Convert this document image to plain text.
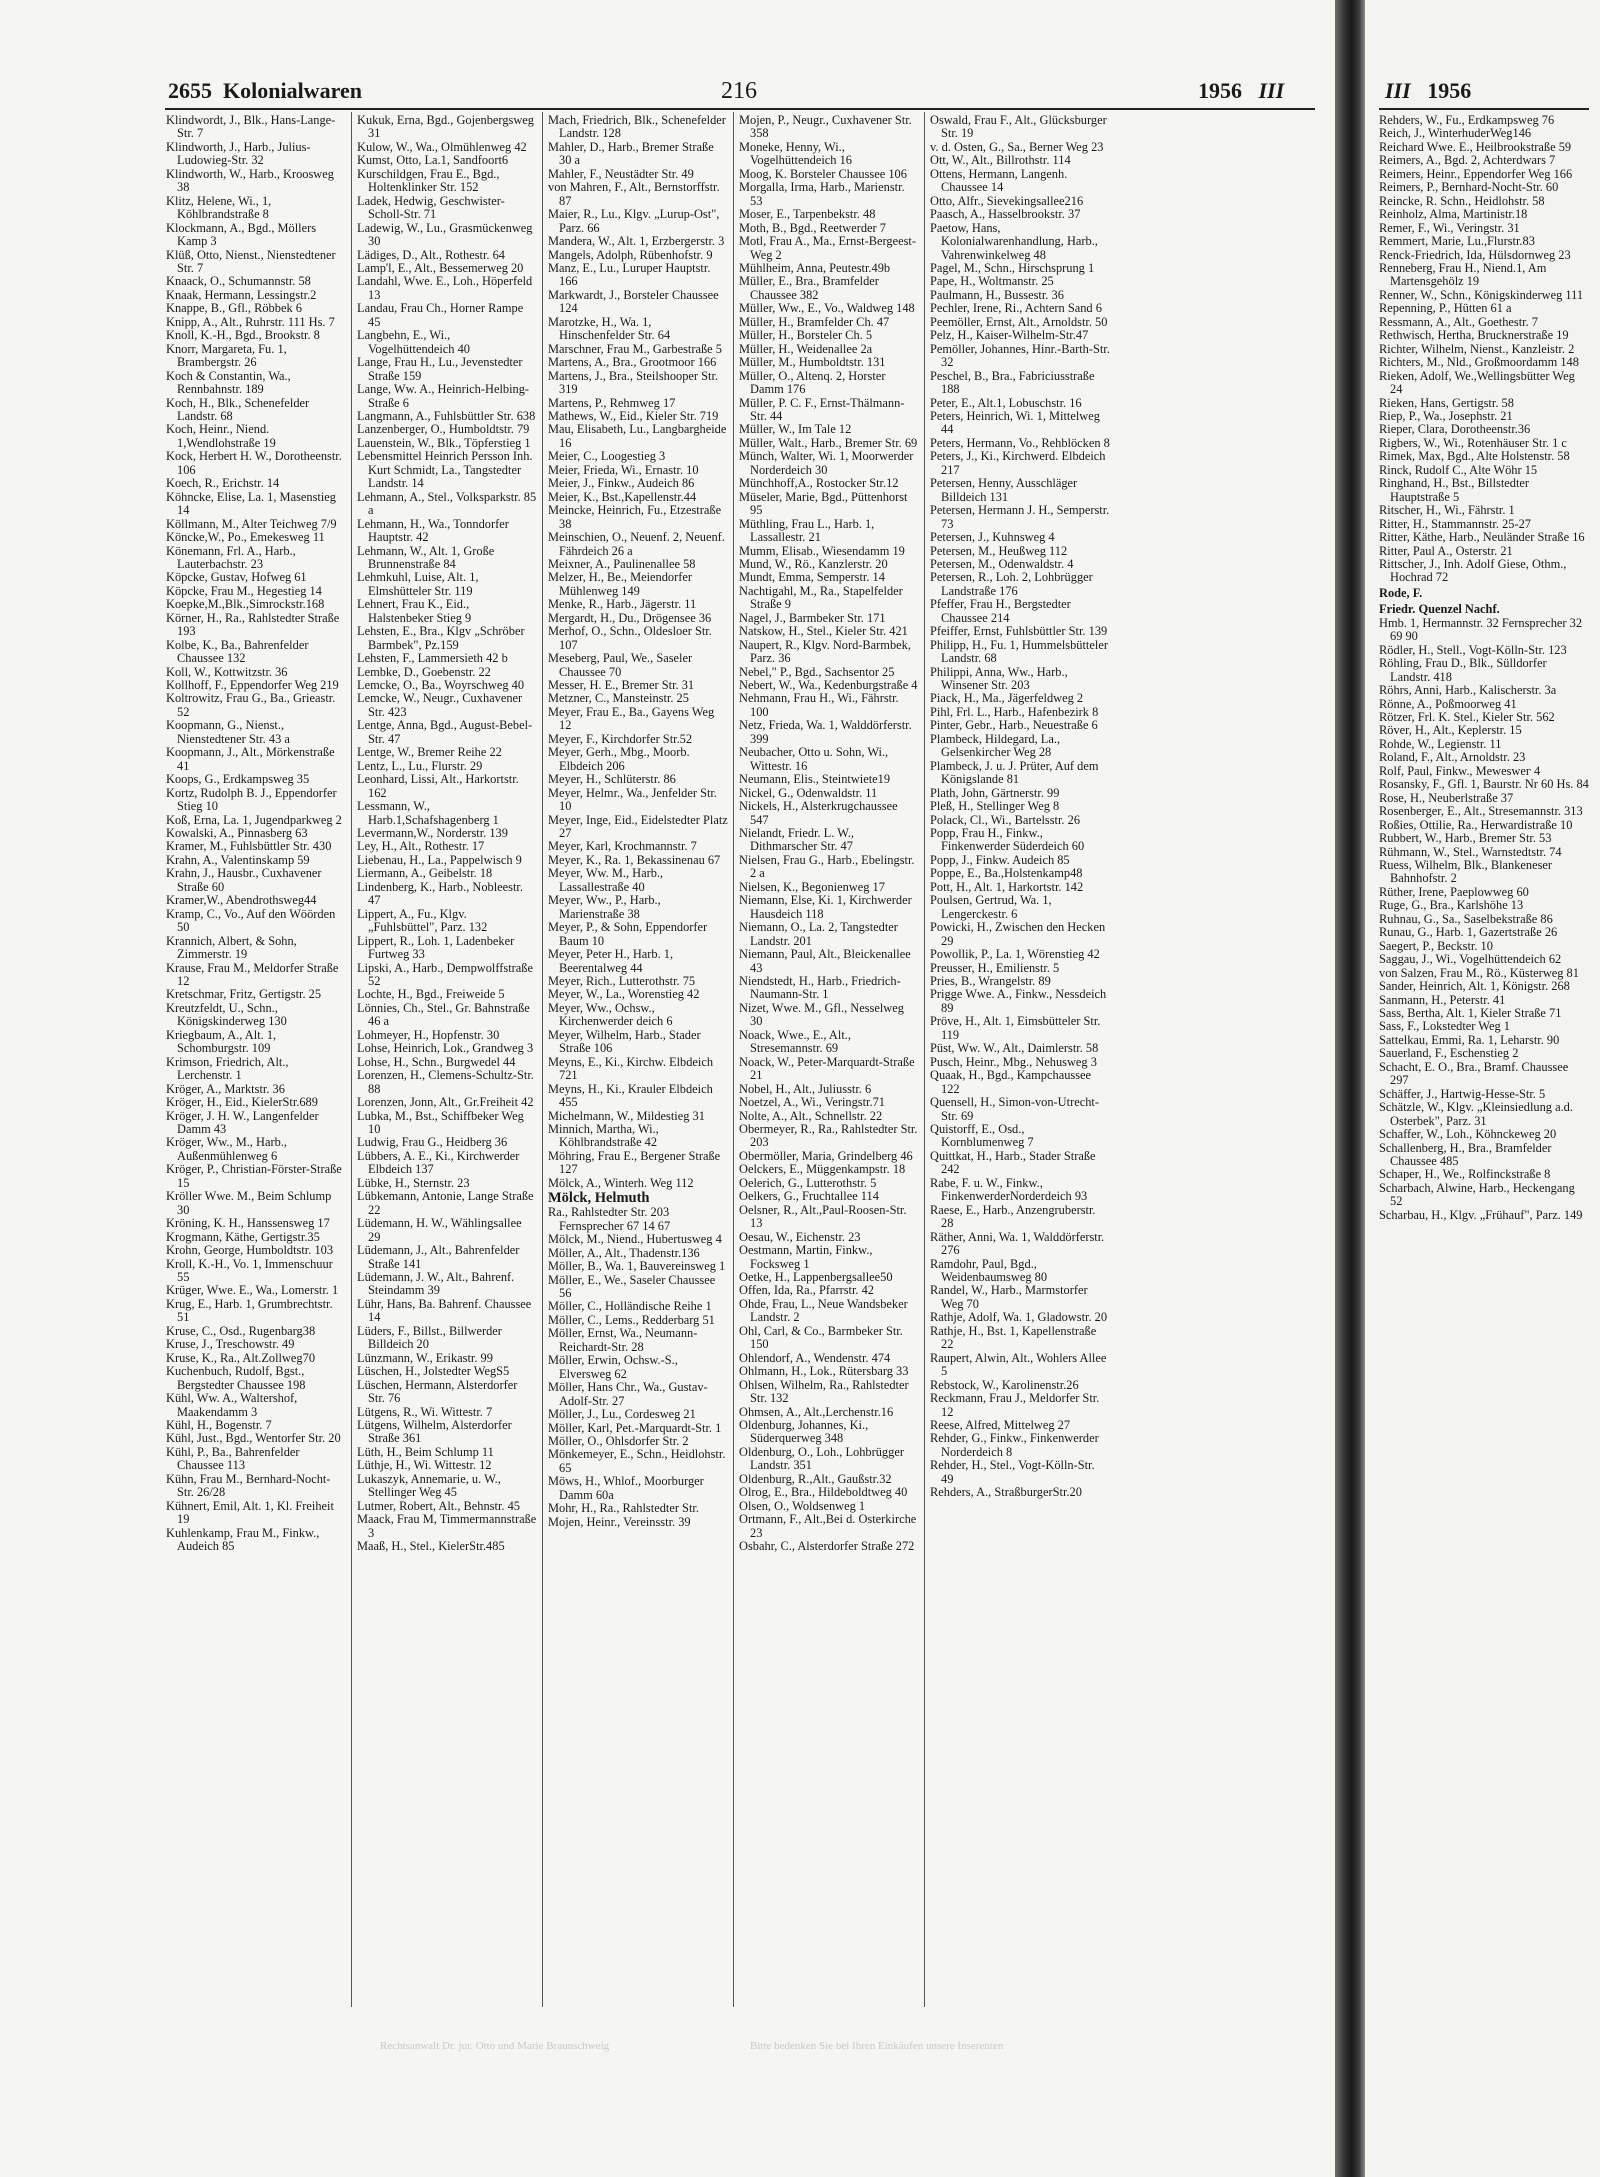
2655 Kolonialwaren	216	1956 III
Klindwordt, J., Blk., Hans-Lange-Str. 7
Klindworth, J., Harb., Julius-Ludowieg-Str. 32
Klindworth, W., Harb., Kroosweg 38
Klitz, Helene, Wi., 1, Köhlbrandstraße 8
Klockmann, A., Bgd., Möllers Kamp 3
Klüß, Otto, Nienst., Nienstedtener Str. 7
Knaack, O., Schumannstr. 58
Knaak, Hermann, Lessingstr.2
Knappe, B., Gfl., Röbbek 6
Knipp, A., Alt., Ruhrstr. 111 Hs. 7
Knoll, K.-H., Bgd., Brookstr. 8
Knorr, Margareta, Fu. 1, Brambergstr. 26
Koch & Constantin, Wa., Rennbahnstr. 189
Koch, H., Blk., Schenefelder Landstr. 68
Koch, Heinr., Niend. 1,Wendlohstraße 19
Kock, Herbert H. W., Dorotheenstr. 106
Koech, R., Erichstr. 14
Köhncke, Elise, La. 1, Masenstieg 14
Köllmann, M., Alter Teichweg 7/9
Köncke,W., Po., Emekesweg 11
Könemann, Frl. A., Harb., Lauterbachstr. 23
Köpcke, Gustav, Hofweg 61
Köpcke, Frau M., Hegestieg 14
Koepke,M.,Blk.,Simrockstr.168
Körner, H., Ra., Rahlstedter Straße 193
Kolbe, K., Ba., Bahrenfelder Chaussee 132
Koll, W., Kottwitzstr. 36
Kollhoff, F., Eppendorfer Weg 219
Koltrowitz, Frau G., Ba., Grieastr. 52
Koopmann, G., Nienst., Nienstedtener Str. 43 a
Koopmann, J., Alt., Mörkenstraße 41
Koops, G., Erdkampsweg 35
Kortz, Rudolph B. J., Eppendorfer Stieg 10
Koß, Erna, La. 1, Jugendparkweg 2
Kowalski, A., Pinnasberg 63
Kramer, M., Fuhlsbüttler Str. 430
Krahn, A., Valentinskamp 59
Krahn, J., Hausbr., Cuxhavener Straße 60
Kramer,W., Abendrothsweg44
Kramp, C., Vo., Auf den Wöörden 50
Krannich, Albert, & Sohn, Zimmerstr. 19
Krause, Frau M., Meldorfer Straße 12
Kretschmar, Fritz, Gertigstr. 25
Kreutzfeldt, U., Schn., Königskinderweg 130
Kriegbaum, A., Alt. 1, Schomburgstr. 109
Krimson, Friedrich, Alt., Lerchenstr. 1
Kröger, A., Marktstr. 36
Kröger, H., Eid., KielerStr.689
Kröger, J. H. W., Langenfelder Damm 43
Kröger, Ww., M., Harb., Außenmühlenweg 6
Kröger, P., Christian-Förster-Straße 15
Kröller Wwe. M., Beim Schlump 30
Kröning, K. H., Hanssensweg 17
Krogmann, Käthe, Gertigstr.35
Krohn, George, Humboldtstr. 103
Kroll, K.-H., Vo. 1, Immenschuur 55
Krüger, Wwe. E., Wa., Lomerstr. 1
Krug, E., Harb. 1, Grumbrechtstr. 51
Kruse, C., Osd., Rugenbarg38
Kruse, J., Treschowstr. 49
Kruse, K., Ra., Alt.Zollweg70
Kuchenbuch, Rudolf, Bgst., Bergstedter Chaussee 198
Kühl, Ww. A., Waltershof, Maakendamm 3
Kühl, H., Bogenstr. 7
Kühl, Just., Bgd., Wentorfer Str. 20
Kühl, P., Ba., Bahrenfelder Chaussee 113
Kühn, Frau M., Bernhard-Nocht-Str. 26/28
Kühnert, Emil, Alt. 1, Kl. Freiheit 19
Kuhlenkamp, Frau M., Finkw., Audeich 85
Kukuk, Erna, Bgd., Gojenbergsweg 31
Kulow, W., Wa., Olmühlenweg 42
Kumst, Otto, La.1, Sandfoort6
Kurschildgen, Frau E., Bgd., Holtenklinker Str. 152
Ladek, Hedwig, Geschwister-Scholl-Str. 71
Ladewig, W., Lu., Grasmückenweg 30
Lädiges, D., Alt., Rothestr. 64
Lamp'l, E., Alt., Bessemerweg 20
Landahl, Wwe. E., Loh., Höperfeld 13
Landau, Frau Ch., Horner Rampe 45
Langbehn, E., Wi., Vogelhüttendeich 40
Lange, Frau H., Lu., Jevenstedter Straße 159
Lange, Ww. A., Heinrich-Helbing-Straße 6
Langmann, A., Fuhlsbüttler Str. 638
Lanzenberger, O., Humboldtstr. 79
Lauenstein, W., Blk., Töpferstieg 1
Lebensmittel Heinrich Persson Inh. Kurt Schmidt, La., Tangstedter Landstr. 14
Lehmann, A., Stel., Volksparkstr. 85 a
Lehmann, H., Wa., Tonndorfer Hauptstr. 42
Lehmann, W., Alt. 1, Große Brunnenstraße 84
Lehmkuhl, Luise, Alt. 1, Elmshütteler Str. 119
Lehnert, Frau K., Eid., Halstenbeker Stieg 9
Lehsten, E., Bra., Klgv „Schröber Barmbek", Pz.159
Lehsten, F., Lammersieth 42 b
Lembke, D., Goebenstr. 22
Lemcke, O., Ba., Woyrschweg 40
Lemcke, W., Neugr., Cuxhavener Str. 423
Lentge, Anna, Bgd., August-Bebel-Str. 47
Lentge, W., Bremer Reihe 22
Lentz, L., Lu., Flurstr. 29
Leonhard, Lissi, Alt., Harkortstr. 162
Lessmann, W., Harb.1,Schafshagenberg 1
Levermann,W., Norderstr. 139
Ley, H., Alt., Rothestr. 17
Liebenau, H., La., Pappelwisch 9
Liermann, A., Geibelstr. 18
Lindenberg, K., Harb., Nobleestr. 47
Lippert, A., Fu., Klgv. „Fuhlsbüttel", Parz. 132
Lippert, R., Loh. 1, Ladenbeker Furtweg 33
Lipski, A., Harb., Dempwolffstraße 52
Lochte, H., Bgd., Freiweide 5
Lönnies, Ch., Stel., Gr. Bahnstraße 46 a
Lohmeyer, H., Hopfenstr. 30
Lohse, Heinrich, Lok., Grandweg 3
Lohse, H., Schn., Burgwedel 44
Lorenzen, H., Clemens-Schultz-Str. 88
Lorenzen, Jonn, Alt., Gr.Freiheit 42
Lubka, M., Bst., Schiffbeker Weg 10
Ludwig, Frau G., Heidberg 36
Lübbers, A. E., Ki., Kirchwerder Elbdeich 137
Lübke, H., Sternstr. 23
Lübkemann, Antonie, Lange Straße 22
Lüdemann, H. W., Wählingsallee 29
Lüdemann, J., Alt., Bahrenfelder Straße 141
Lüdemann, J. W., Alt., Bahrenf. Steindamm 39
Lühr, Hans, Ba. Bahrenf. Chaussee 14
Lüders, F., Billst., Billwerder Billdeich 20
Lünzmann, W., Erikastr. 99
Lüschen, H., Jolstedter WegS5
Lüschen, Hermann, Alsterdorfer Str. 76
Lütgens, R., Wi. Wittestr. 7
Lütgens, Wilhelm, Alsterdorfer Straße 361
Lüth, H., Beim Schlump 11
Lüthje, H., Wi. Wittestr. 12
Lukaszyk, Annemarie, u. W., Stellinger Weg 45
Lutmer, Robert, Alt., Behnstr. 45
Maack, Frau M, Timmermannstraße 3
Maaß, H., Stel., KielerStr.485
Mach, Friedrich, Blk., Schenefelder Landstr. 128
Mahler, D., Harb., Bremer Straße 30 a
Mahler, F., Neustädter Str. 49
von Mahren, F., Alt., Bernstorffstr. 87
Maier, R., Lu., Klgv. „Lurup-Ost", Parz. 66
Mandera, W., Alt. 1, Erzbergerstr. 3
Mangels, Adolph, Rübenhofstr. 9
Manz, E., Lu., Luruper Hauptstr. 166
Markwardt, J., Borsteler Chaussee 124
Marotzke, H., Wa. 1, Hinschenfelder Str. 64
Marschner, Frau M., Garbestraße 5
Martens, A., Bra., Grootmoor 166
Martens, J., Bra., Steilshooper Str. 319
Martens, P., Rehmweg 17
Mathews, W., Eid., Kieler Str. 719
Mau, Elisabeth, Lu., Langbargheide 16
Meier, C., Loogestieg 3
Meier, Frieda, Wi., Ernastr. 10
Meier, J., Finkw., Audeich 86
Meier, K., Bst.,Kapellenstr.44
Meincke, Heinrich, Fu., Etzestraße 38
Meinschien, O., Neuenf. 2, Neuenf. Fährdeich 26 a
Meixner, A., Paulinenallee 58
Melzer, H., Be., Meiendorfer Mühlenweg 149
Menke, R., Harb., Jägerstr. 11
Mergardt, H., Du., Drögensee 36
Merhof, O., Schn., Oldesloer Str. 107
Meseberg, Paul, We., Saseler Chaussee 70
Messer, H. E., Bremer Str. 31
Metzner, C., Mansteinstr. 25
Meyer, Frau E., Ba., Gayens Weg 12
Meyer, F., Kirchdorfer Str.52
Meyer, Gerh., Mbg., Moorb. Elbdeich 206
Meyer, H., Schlüterstr. 86
Meyer, Helmr., Wa., Jenfelder Str. 10
Meyer, Inge, Eid., Eidelstedter Platz 27
Meyer, Karl, Krochmannstr. 7
Meyer, K., Ra. 1, Bekassinenau 67
Meyer, Ww. M., Harb., Lassallestraße 40
Meyer, Ww., P., Harb., Marienstraße 38
Meyer, P., & Sohn, Eppendorfer Baum 10
Meyer, Peter H., Harb. 1, Beerentalweg 44
Meyer, Rich., Lutterothstr. 75
Meyer, W., La., Worenstieg 42
Meyer, Ww., Ochsw., Kirchenwerder deich 6
Meyer, Wilhelm, Harb., Stader Straße 106
Meyns, E., Ki., Kirchw. Elbdeich 721
Meyns, H., Ki., Krauler Elbdeich 455
Michelmann, W., Mildestieg 31
Minnich, Martha, Wi., Köhlbrandstraße 42
Möhring, Frau E., Bergener Straße 127
Mölck, A., Winterh. Weg 112
Mölck, Helmuth
Ra., Rahlstedter Str. 203 Fernsprecher 67 14 67
Mölck, M., Niend., Hubertusweg 4
Möller, A., Alt., Thadenstr.136
Möller, B., Wa. 1, Bauvereinsweg 1
Möller, E., We., Saseler Chaussee 56
Möller, C., Holländische Reihe 1
Möller, C., Lems., Redderbarg 51
Möller, Ernst, Wa., Neumann-Reichardt-Str. 28
Möller, Erwin, Ochsw.-S., Elversweg 62
Möller, Hans Chr., Wa., Gustav-Adolf-Str. 27
Möller, J., Lu., Cordesweg 21
Möller, Karl, Pet.-Marquardt-Str. 1
Möller, O., Ohlsdorfer Str. 2
Mönkemeyer, E., Schn., Heidlohstr. 65
Möws, H., Whlof., Moorburger Damm 60a
Mohr, H., Ra., Rahlstedter Str.
Mojen, Heinr., Vereinsstr. 39
Mojen, P., Neugr., Cuxhavener Str. 358
Moneke, Henny, Wi., Vogelhüttendeich 16
Moog, K. Borsteler Chaussee 106
Morgalla, Irma, Harb., Marienstr. 53
Moser, E., Tarpenbekstr. 48
Moth, B., Bgd., Reetwerder 7
Motl, Frau A., Ma., Ernst-Bergeest-Weg 2
Mühlheim, Anna, Peutestr.49b
Müller, E., Bra., Bramfelder Chaussee 382
Müller, Ww., E., Vo., Waldweg 148
Müller, H., Bramfelder Ch. 47
Müller, H., Borsteler Ch. 5
Müller, H., Weidenallee 2a
Müller, M., Humboldtstr. 131
Müller, O., Altenq. 2, Horster Damm 176
Müller, P. C. F., Ernst-Thälmann-Str. 44
Müller, W., Im Tale 12
Müller, Walt., Harb., Bremer Str. 69
Münch, Walter, Wi. 1, Moorwerder Norderdeich 30
Münchhoff,A., Rostocker Str.12
Müseler, Marie, Bgd., Püttenhorst 95
Müthling, Frau L., Harb. 1, Lassallestr. 21
Mumm, Elisab., Wiesendamm 19
Mund, W., Rö., Kanzlerstr. 20
Mundt, Emma, Semperstr. 14
Nachtigahl, M., Ra., Stapelfelder Straße 9
Nagel, J., Barmbeker Str. 171
Natskow, H., Stel., Kieler Str. 421
Naupert, R., Klgv. Nord-Barmbek, Parz. 36
Nebel," P., Bgd., Sachsentor 25
Nebert, W., Wa., Kedenburgstraße 4
Nehmann, Frau H., Wi., Fährstr. 100
Netz, Frieda, Wa. 1, Walddörferstr. 399
Neubacher, Otto u. Sohn, Wi., Wittestr. 16
Neumann, Elis., Steintwiete19
Nickel, G., Odenwaldstr. 11
Nickels, H., Alsterkrugchaussee 547
Nielandt, Friedr. L. W., Dithmarscher Str. 47
Nielsen, Frau G., Harb., Ebelingstr. 2 a
Nielsen, K., Begonienweg 17
Niemann, Else, Ki. 1, Kirchwerder Hausdeich 118
Niemann, O., La. 2, Tangstedter Landstr. 201
Niemann, Paul, Alt., Bleickenallee 43
Niendstedt, H., Harb., Friedrich-Naumann-Str. 1
Nizet, Wwe. M., Gfl., Nesselweg 30
Noack, Wwe., E., Alt., Stresemannstr. 69
Noack, W., Peter-Marquardt-Straße 21
Nobel, H., Alt., Juliusstr. 6
Noetzel, A., Wi., Veringstr.71
Nolte, A., Alt., Schnellstr. 22
Obermeyer, R., Ra., Rahlstedter Str. 203
Obermöller, Maria, Grindelberg 46
Oelckers, E., Müggenkampstr. 18
Oelerich, G., Lutterothstr. 5
Oelkers, G., Fruchtallee 114
Oelsner, R., Alt.,Paul-Roosen-Str. 13
Oesau, W., Eichenstr. 23
Oestmann, Martin, Finkw., Focksweg 1
Oetke, H., Lappenbergsallee50
Offen, Ida, Ra., Pfarrstr. 42
Ohde, Frau, L., Neue Wandsbeker Landstr. 2
Ohl, Carl, & Co., Barmbeker Str. 150
Ohlendorf, A., Wendenstr. 474
Ohlmann, H., Lok., Rütersbarg 33
Ohlsen, Wilhelm, Ra., Rahlstedter Str. 132
Ohmsen, A., Alt.,Lerchenstr.16
Oldenburg, Johannes, Ki., Süderquerweg 348
Oldenburg, O., Loh., Lohbrügger Landstr. 351
Oldenburg, R.,Alt., Gaußstr.32
Olrog, E., Bra., Hildeboldtweg 40
Olsen, O., Woldsenweg 1
Ortmann, F., Alt.,Bei d. Osterkirche 23
Osbahr, C., Alsterdorfer Straße 272
Oswald, Frau F., Alt., Glücksburger Str. 19
v. d. Osten, G., Sa., Berner Weg 23
Ott, W., Alt., Billrothstr. 114
Ottens, Hermann, Langenh. Chaussee 14
Otto, Alfr., Sievekingsallee216
Paasch, A., Hasselbrookstr. 37
Paetow, Hans, Kolonialwarenhandlung, Harb., Vahrenwinkelweg 48
Pagel, M., Schn., Hirschsprung 1
Pape, H., Woltmanstr. 25
Paulmann, H., Bussestr. 36
Pechler, Irene, Ri., Achtern Sand 6
Peemöller, Ernst, Alt., Arnoldstr. 50
Pelz, H., Kaiser-Wilhelm-Str.47
Pemöller, Johannes, Hinr.-Barth-Str. 32
Peschel, B., Bra., Fabriciusstraße 188
Peter, E., Alt.1, Lobuschstr. 16
Peters, Heinrich, Wi. 1, Mittelweg 44
Peters, Hermann, Vo., Rehblöcken 8
Peters, J., Ki., Kirchwerd. Elbdeich 217
Petersen, Henny, Ausschläger Billdeich 131
Petersen, Hermann J. H., Semperstr. 73
Petersen, J., Kuhnsweg 4
Petersen, M., Heußweg 112
Petersen, M., Odenwaldstr. 4
Petersen, R., Loh. 2, Lohbrügger Landstraße 176
Pfeffer, Frau H., Bergstedter Chaussee 214
Pfeiffer, Ernst, Fuhlsbüttler Str. 139
Philipp, H., Fu. 1, Hummelsbütteler Landstr. 68
Philippi, Anna, Ww., Harb., Winsener Str. 203
Piack, H., Ma., Jägerfeldweg 2
Pihl, Frl. L., Harb., Hafenbezirk 8
Pinter, Gebr., Harb., Neuestraße 6
Plambeck, Hildegard, La., Gelsenkircher Weg 28
Plambeck, J. u. J. Prüter, Auf dem Königslande 81
Plath, John, Gärtnerstr. 99
Pleß, H., Stellinger Weg 8
Polack, Cl., Wi., Bartelsstr. 26
Popp, Frau H., Finkw., Finkenwerder Süderdeich 60
Popp, J., Finkw. Audeich 85
Poppe, E., Ba.,Holstenkamp48
Pott, H., Alt. 1, Harkortstr. 142
Poulsen, Gertrud, Wa. 1, Lengerckestr. 6
Powicki, H., Zwischen den Hecken 29
Powollik, P., La. 1, Wörenstieg 42
Preusser, H., Emilienstr. 5
Pries, B., Wrangelstr. 89
Prigge Wwe. A., Finkw., Nessdeich 89
Pröve, H., Alt. 1, Eimsbütteler Str. 119
Püst, Ww. W., Alt., Daimlerstr. 58
Pusch, Heinr., Mbg., Nehusweg 3
Quaak, H., Bgd., Kampchaussee 122
Quensell, H., Simon-von-Utrecht-Str. 69
Quistorff, E., Osd., Kornblumenweg 7
Quittkat, H., Harb., Stader Straße 242
Rabe, F. u. W., Finkw., FinkenwerderNorderdeich 93
Raese, E., Harb., Anzengruberstr. 28
Räther, Anni, Wa. 1, Walddörferstr. 276
Ramdohr, Paul, Bgd., Weidenbaumsweg 80
Randel, W., Harb., Marmstorfer Weg 70
Rathje, Adolf, Wa. 1, Gladowstr. 20
Rathje, H., Bst. 1, Kapellenstraße 22
Raupert, Alwin, Alt., Wohlers Allee 5
Rebstock, W., Karolinenstr.26
Reckmann, Frau J., Meldorfer Str. 12
Reese, Alfred, Mittelweg 27
Rehder, G., Finkw., Finkenwerder Norderdeich 8
Rehder, H., Stel., Vogt-Kölln-Str. 49
Rehders, A., StraßburgerStr.20
Rechtsanwalt Dr. jur. Otto und Marie Braunschweig	Bitte bedenken Sie bei Ihren Einkäufen unsere Inserenten
III 1956
Rehders, W., Fu., Erdkampsweg 76
Reich, J., WinterhuderWeg146
Reichard Wwe. E., Heilbrookstraße 59
Reimers, A., Bgd. 2, Achterdwars 7
Reimers, Heinr., Eppendorfer Weg 166
Reimers, P., Bernhard-Nocht-Str. 60
Reincke, R. Schn., Heidlohstr. 58
Reinholz, Alma, Martinistr.18
Remer, F., Wi., Veringstr. 31
Remmert, Marie, Lu.,Flurstr.83
Renck-Friedrich, Ida, Hülsdornweg 23
Renneberg, Frau H., Niend.1, Am Martensgehölz 19
Renner, W., Schn., Königskinderweg 111
Repenning, P., Hütten 61 a
Ressmann, A., Alt., Goethestr. 7
Rethwisch, Hertha, Brucknerstraße 19
Richter, Wilhelm, Nienst., Kanzleistr. 2
Richters, M., Nld., Großmoordamm 148
Rieken, Adolf, We.,Wellingsbütter Weg 24
Rieken, Hans, Gertigstr. 58
Riep, P., Wa., Josephstr. 21
Rieper, Clara, Dorotheenstr.36
Rigbers, W., Wi., Rotenhäuser Str. 1 c
Rimek, Max, Bgd., Alte Holstenstr. 58
Rinck, Rudolf C., Alte Wöhr 15
Ringhand, H., Bst., Billstedter Hauptstraße 5
Ritscher, H., Wi., Fährstr. 1
Ritter, H., Stammannstr. 25-27
Ritter, Käthe, Harb., Neuländer Straße 16
Ritter, Paul A., Osterstr. 21
Rittscher, J., Inh. Adolf Giese, Othm., Hochrad 72
Rode, F.
Friedr. Quenzel Nachf.
Hmb. 1, Hermannstr. 32 Fernsprecher 32 69 90
Rödler, H., Stell., Vogt-Kölln-Str. 123
Röhling, Frau D., Blk., Sülldorfer Landstr. 418
Röhrs, Anni, Harb., Kalischerstr. 3a
Rönne, A., Poßmoorweg 41
Rötzer, Frl. K. Stel., Kieler Str. 562
Röver, H., Alt., Keplerstr. 15
Rohde, W., Legienstr. 11
Roland, F., Alt., Arnoldstr. 23
Rolf, Paul, Finkw., Meweswег 4
Rosansky, F., Gfl. 1, Baurstr. Nr 60 Hs. 84
Rose, H., Neuberlstraße 37
Rosenberger, E., Alt., Stresemannstr. 313
Roßies, Ottilie, Ra., Herwardistraße 10
Rubbert, W., Harb., Bremer Str. 53
Rühmann, W., Stel., Warnstedtstr. 74
Ruess, Wilhelm, Blk., Blankeneser Bahnhofstr. 2
Rüther, Irene, Paeplowweg 60
Ruge, G., Bra., Karlshöhe 13
Ruhnau, G., Sa., Saselbekstraße 86
Runau, G., Harb. 1, Gazertstraße 26
Saegert, P., Beckstr. 10
Saggau, J., Wi., Vogelhüttendeich 62
von Salzen, Frau M., Rö., Küsterweg 81
Sander, Heinrich, Alt. 1, Königstr. 268
Sanmann, H., Peterstr. 41
Sass, Bertha, Alt. 1, Kieler Straße 71
Sass, F., Lokstedter Weg 1
Sattelkau, Emmi, Ra. 1, Leharstr. 90
Sauerland, F., Eschenstieg 2
Schacht, E. O., Bra., Bramf. Chaussee 297
Schäffer, J., Hartwig-Hesse-Str. 5
Schätzle, W., Klgv. „Kleinsiedlung a.d. Osterbek", Parz. 31
Schaffer, W., Loh., Köhnckeweg 20
Schallenberg, H., Bra., Bramfelder Chaussee 485
Schaper, H., We., Rolfinckstraße 8
Scharbach, Alwine, Harb., Heckengang 52
Scharbau, H., Klgv. „Frühauf", Parz. 149
